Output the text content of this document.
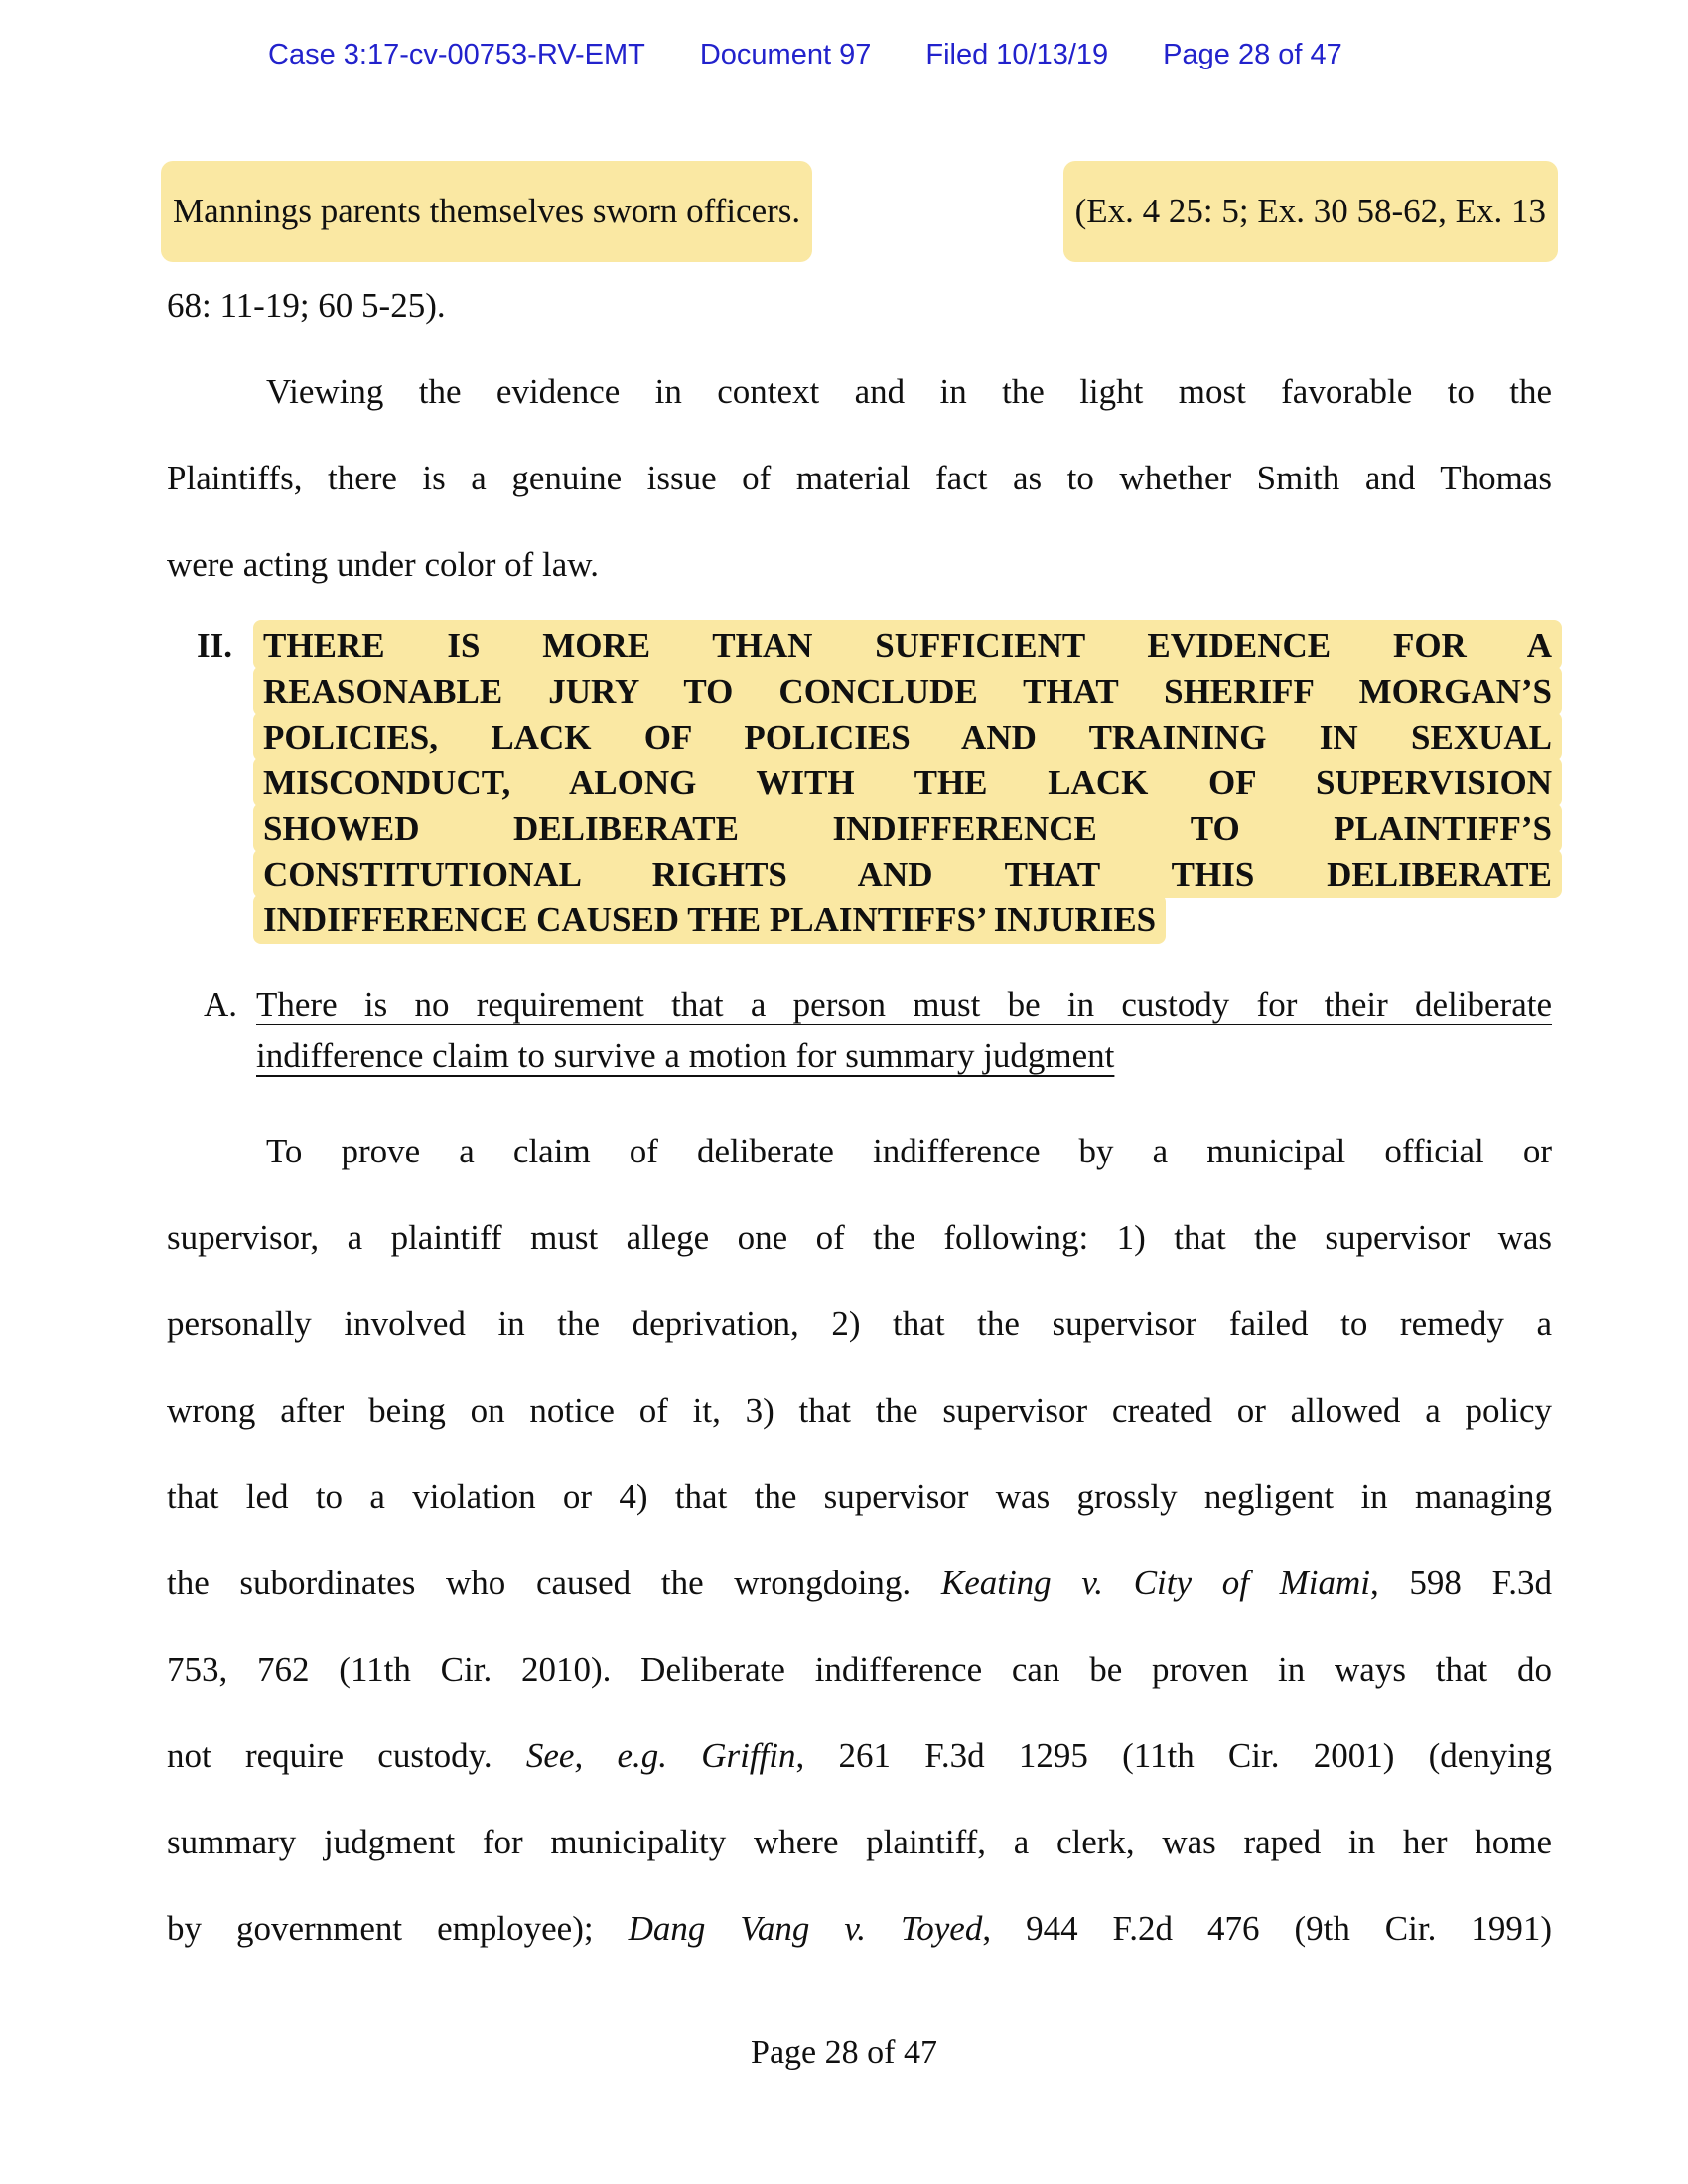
Case 3:17-cv-00753-RV-EMT Document 97 Filed 10/13/19 Page 28 of 47
Mannings parents themselves sworn officers.	(Ex. 4 25: 5; Ex. 30 58-62, Ex. 13
68: 11-19; 60 5-25).
Viewing the evidence in context and in the light most favorable to the
Plaintiffs, there is a genuine issue of material fact as to whether Smith and Thomas
were acting under color of law.
II. THERE IS MORE THAN SUFFICIENT EVIDENCE FOR A
REASONABLE JURY TO CONCLUDE THAT SHERIFF MORGAN’S
POLICIES, LACK OF POLICIES AND TRAINING IN SEXUAL
MISCONDUCT, ALONG WITH THE LACK OF SUPERVISION
SHOWED DELIBERATE INDIFFERENCE TO PLAINTIFF’S
CONSTITUTIONAL RIGHTS AND THAT THIS DELIBERATE
INDIFFERENCE CAUSED THE PLAINTIFFS’ INJURIES
A. There is no requirement that a person must be in custody for their deliberate
indifference claim to survive a motion for summary judgment
To prove a claim of deliberate indifference by a municipal official or
supervisor, a plaintiff must allege one of the following: 1) that the supervisor was
personally involved in the deprivation, 2) that the supervisor failed to remedy a
wrong after being on notice of it, 3) that the supervisor created or allowed a policy
that led to a violation or 4) that the supervisor was grossly negligent in managing
the subordinates who caused the wrongdoing. Keating v. City of Miami, 598 F.3d
753, 762 (11th Cir. 2010). Deliberate indifference can be proven in ways that do
not require custody. See, e.g. Griffin, 261 F.3d 1295 (11th Cir. 2001) (denying
summary judgment for municipality where plaintiff, a clerk, was raped in her home
by government employee); Dang Vang v. Toyed, 944 F.2d 476 (9th Cir. 1991)
Page 28 of 47
